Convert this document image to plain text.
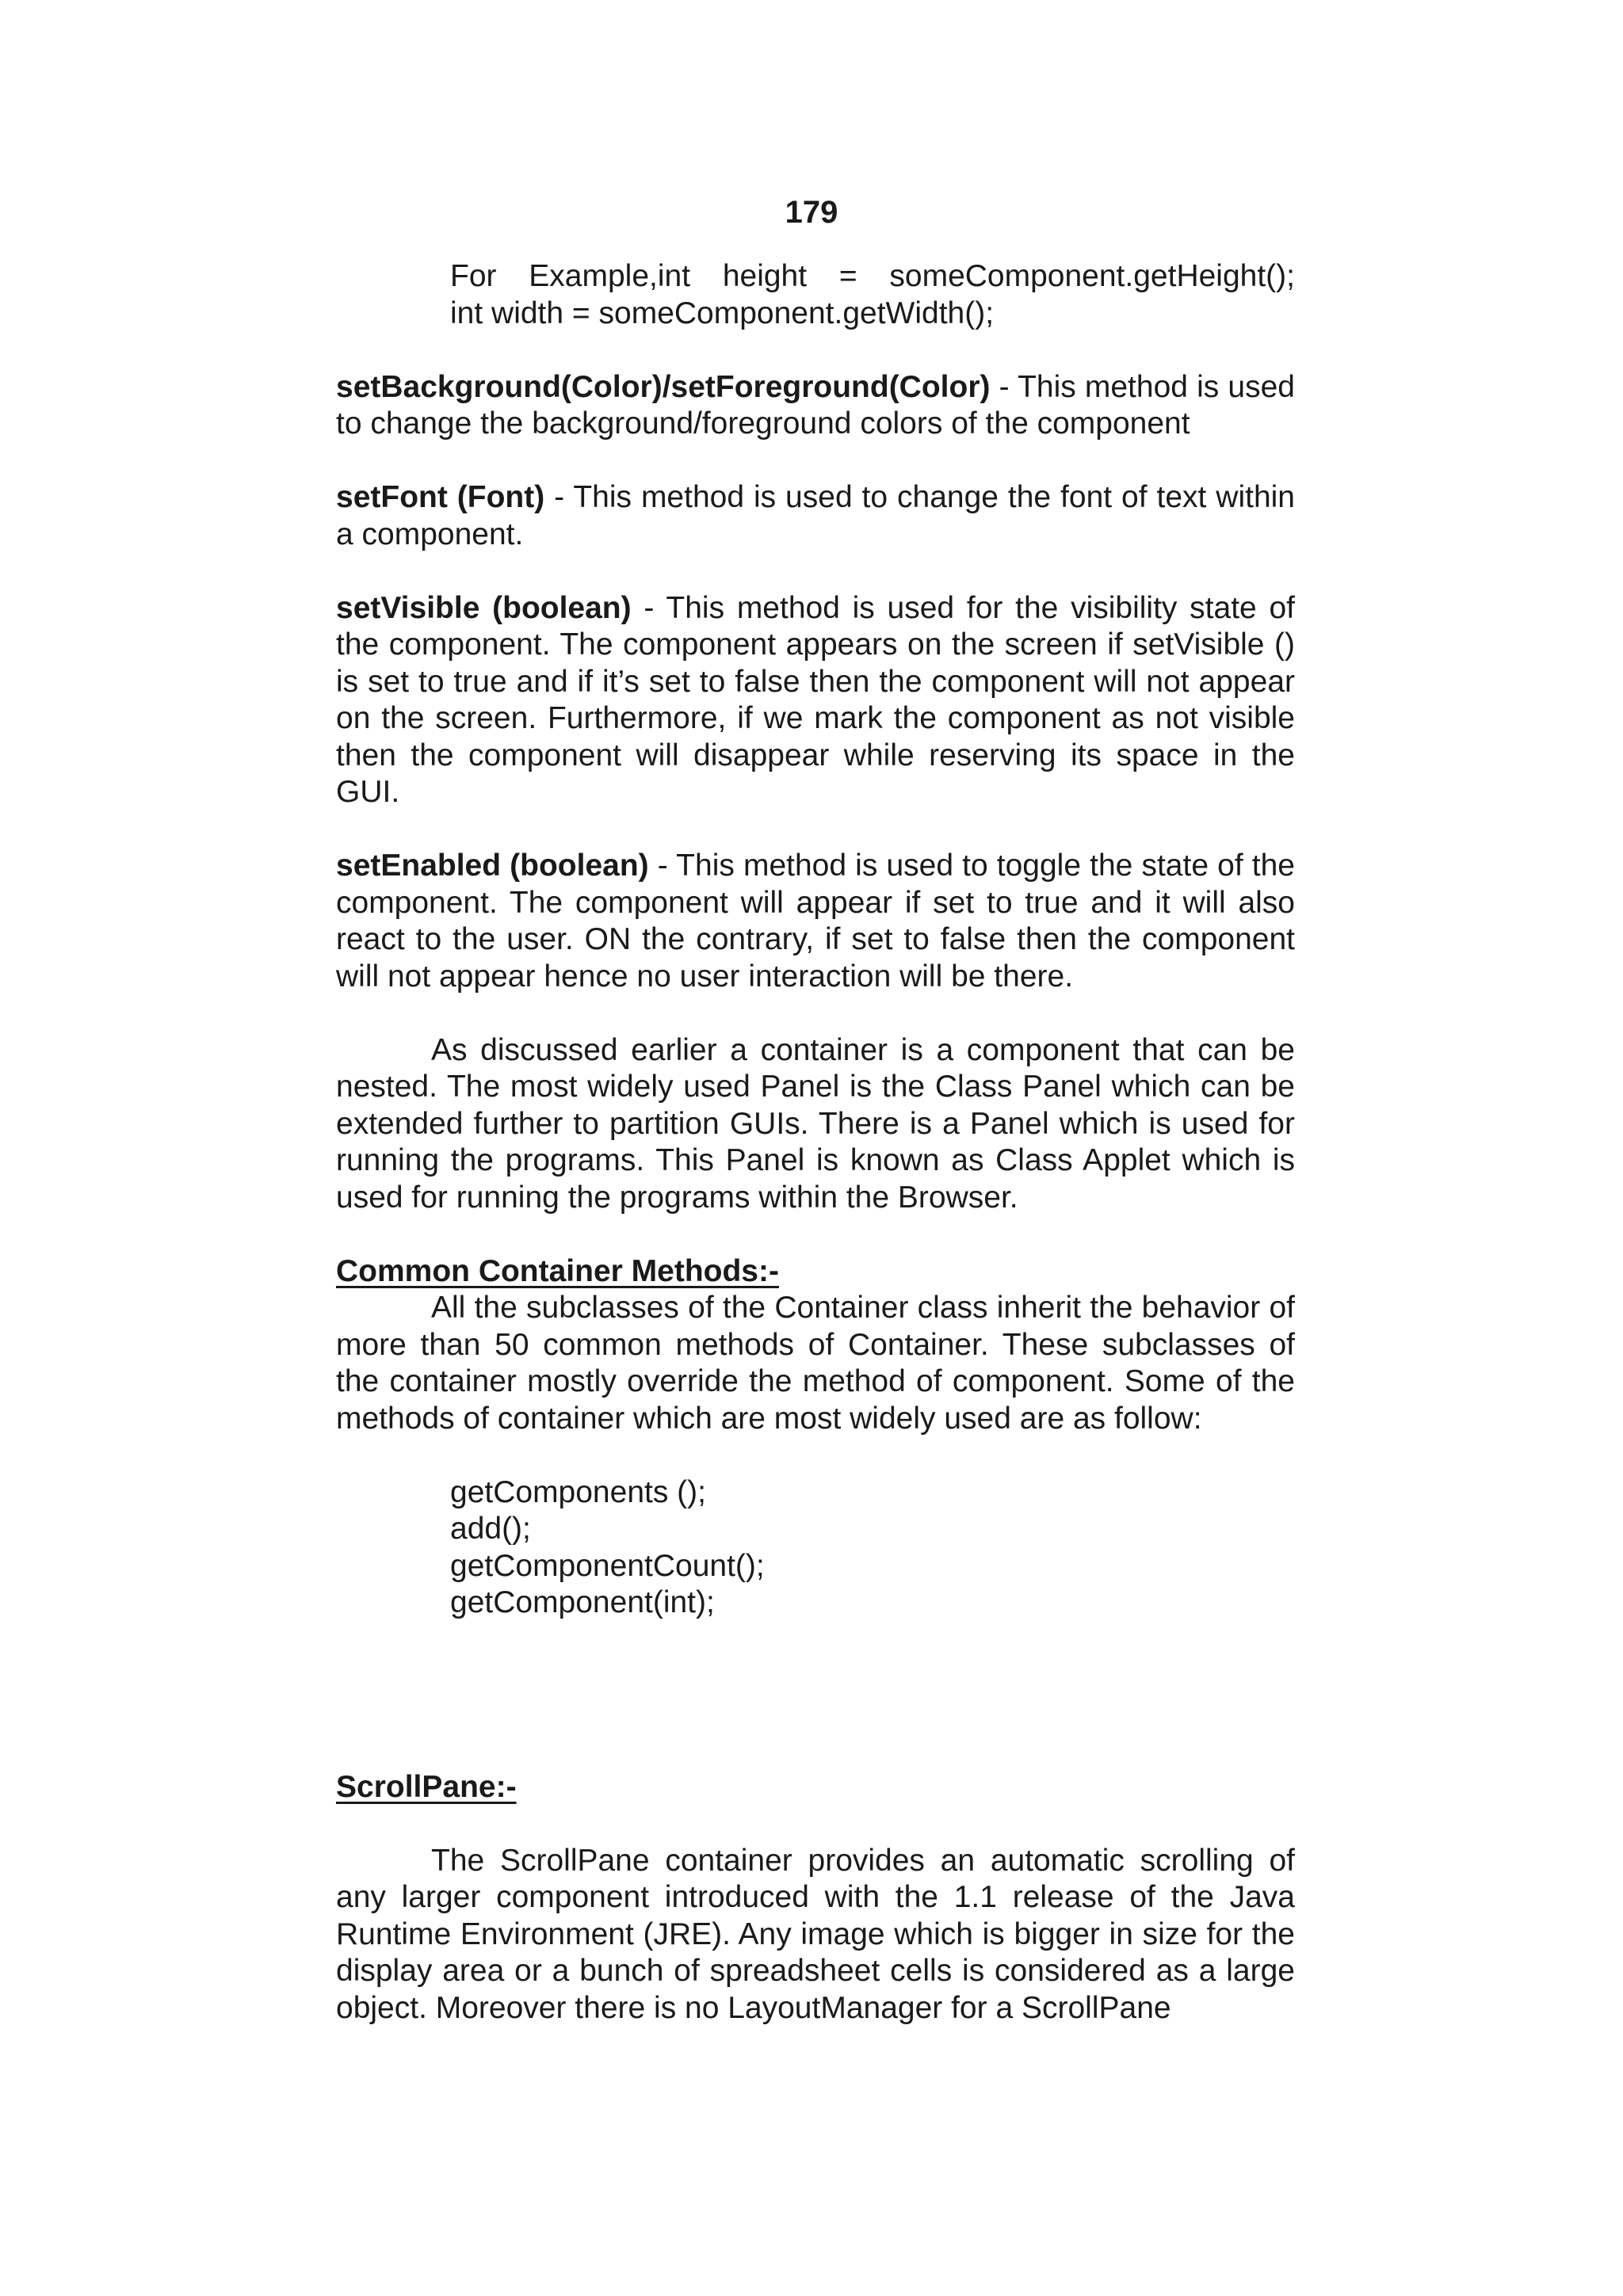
179
For Example,int height = someComponent.getHeight();
int width = someComponent.getWidth();

setBackground(Color)/setForeground(Color) - This method is used to change the background/foreground colors of the component

setFont (Font) - This method is used to change the font of text within a component.

setVisible (boolean) - This method is used for the visibility state of the component. The component appears on the screen if setVisible () is set to true and if it’s set to false then the component will not appear on the screen. Furthermore, if we mark the component as not visible then the component will disappear while reserving its space in the GUI.

setEnabled (boolean) - This method is used to toggle the state of the component. The component will appear if set to true and it will also react to the user. ON the contrary, if set to false then the component will not appear hence no user interaction will be there.

As discussed earlier a container is a component that can be nested. The most widely used Panel is the Class Panel which can be extended further to partition GUIs. There is a Panel which is used for running the programs. This Panel is known as Class Applet which is used for running the programs within the Browser.

Common Container Methods:-

All the subclasses of the Container class inherit the behavior of more than 50 common methods of Container. These subclasses of the container mostly override the method of component. Some of the methods of container which are most widely used are as follow:

getComponents ();
add();
getComponentCount();
getComponent(int);

ScrollPane:-

The ScrollPane container provides an automatic scrolling of any larger component introduced with the 1.1 release of the Java Runtime Environment (JRE). Any image which is bigger in size for the display area or a bunch of spreadsheet cells is considered as a large object. Moreover there is no LayoutManager for a ScrollPane
